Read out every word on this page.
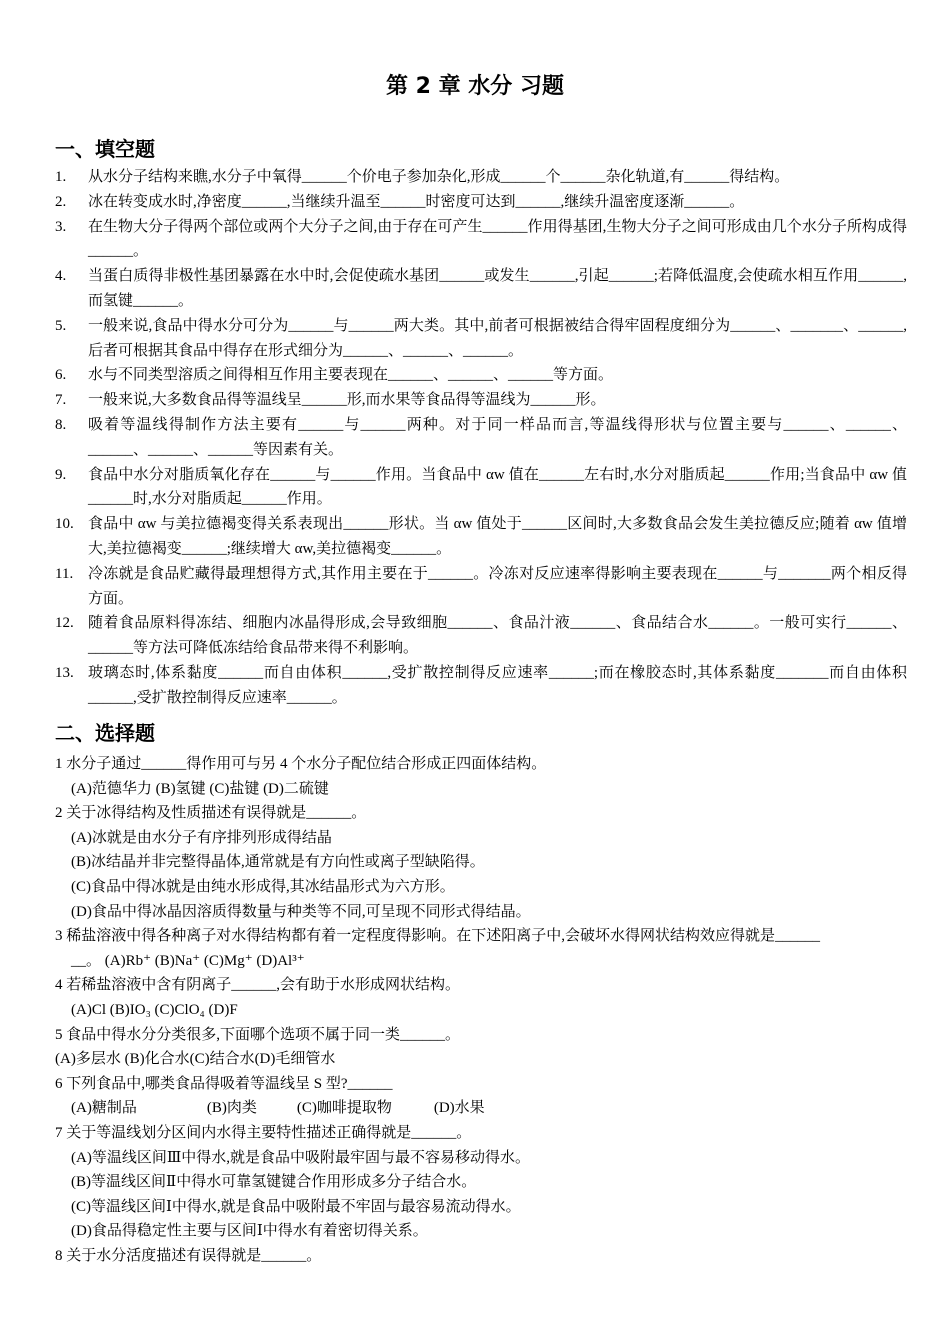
第 2 章 水分 习题
一、填空题
1.	从水分子结构来瞧,水分子中氧得______个价电子参加杂化,形成______个______杂化轨道,有______得结构。
2.	冰在转变成水时,净密度______,当继续升温至______时密度可达到______,继续升温密度逐渐______。
3.	在生物大分子得两个部位或两个大分子之间,由于存在可产生______作用得基团,生物大分子之间可形成由几个水分子所构成得______。
4.	当蛋白质得非极性基团暴露在水中时,会促使疏水基团______或发生______,引起______;若降低温度,会使疏水相互作用______,而氢键______。
5.	一般来说,食品中得水分可分为______与______两大类。其中,前者可根据被结合得牢固程度细分为______、_______、______,后者可根据其食品中得存在形式细分为______、______、______。
6.	水与不同类型溶质之间得相互作用主要表现在______、______、______等方面。
7.	一般来说,大多数食品得等温线呈______形,而水果等食品得等温线为______形。
8.	吸着等温线得制作方法主要有______与______两种。对于同一样品而言,等温线得形状与位置主要与______、______、______、______、______等因素有关。
9.	食品中水分对脂质氧化存在______与______作用。当食品中 αw 值在______左右时,水分对脂质起______作用;当食品中 αw 值______时,水分对脂质起______作用。
10. 食品中 αw 与美拉德褐变得关系表现出______形状。当 αw 值处于______区间时,大多数食品会发生美拉德反应;随着 αw 值增大,美拉德褐变______;继续增大 αw,美拉德褐变______。
11. 冷冻就是食品贮藏得最理想得方式,其作用主要在于______。冷冻对反应速率得影响主要表现在______与_______两个相反得方面。
12. 随着食品原料得冻结、细胞内冰晶得形成,会导致细胞______、食品汁液______、食品结合水______。一般可实行______、______等方法可降低冻结给食品带来得不利影响。
13. 玻璃态时,体系黏度______而自由体积______,受扩散控制得反应速率______;而在橡胶态时,其体系黏度_______而自由体积______,受扩散控制得反应速率______。
二、选择题
1 水分子通过______得作用可与另 4 个水分子配位结合形成正四面体结构。
(A)范德华力 (B)氢键 (C)盐键 (D)二硫键
2 关于冰得结构及性质描述有误得就是______。
(A)冰就是由水分子有序排列形成得结晶
(B)冰结晶并非完整得晶体,通常就是有方向性或离子型缺陷得。
(C)食品中得冰就是由纯水形成得,其冰结晶形式为六方形。
(D)食品中得冰晶因溶质得数量与种类等不同,可呈现不同形式得结晶。
3 稀盐溶液中得各种离子对水得结构都有着一定程度得影响。在下述阳离子中,会破坏水得网状结构效应得就是______
__。 (A)Rb⁺ (B)Na⁺ (C)Mg⁺ (D)Al³⁺
4 若稀盐溶液中含有阴离子______,会有助于水形成网状结构。
(A)Cl (B)IO₃ (C)ClO₄ (D)F
5 食品中得水分分类很多,下面哪个选项不属于同一类______。
(A)多层水 (B)化合水(C)结合水(D)毛细管水
6 下列食品中,哪类食品得吸着等温线呈 S 型?______
(A)糖制品	(B)肉类	(C)咖啡提取物	(D)水果
7 关于等温线划分区间内水得主要特性描述正确得就是______。
(A)等温线区间Ⅲ中得水,就是食品中吸附最牢固与最不容易移动得水。
(B)等温线区间Ⅱ中得水可靠氢键键合作用形成多分子结合水。
(C)等温线区间Ⅰ中得水,就是食品中吸附最不牢固与最容易流动得水。
(D)食品得稳定性主要与区间Ⅰ中得水有着密切得关系。
8 关于水分活度描述有误得就是______。
